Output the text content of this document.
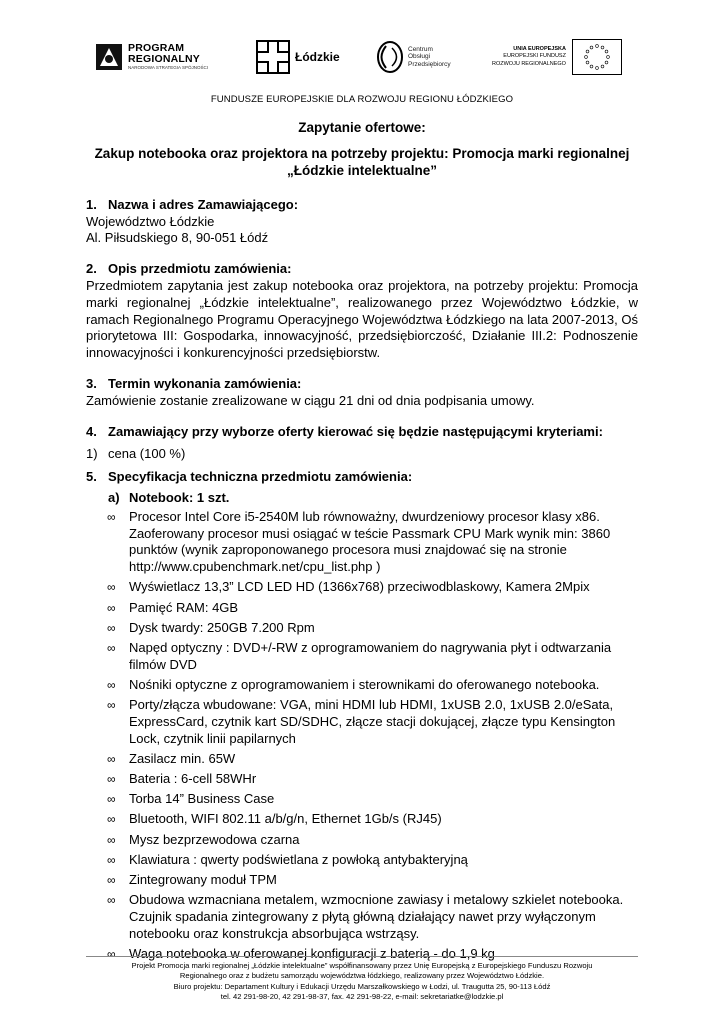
PROGRAM
REGIONALNY
NARODOWA STRATEGIA SPÓJNOŚCI
Łódzkie
Centrum
Obsługi
Przedsiębiorcy
UNIA EUROPEJSKA
EUROPEJSKI FUNDUSZ
ROZWOJU REGIONALNEGO
FUNDUSZE EUROPEJSKIE DLA ROZWOJU REGIONU ŁÓDZKIEGO

Zapytanie ofertowe:

Zakup notebooka oraz projektora na potrzeby projektu: Promocja marki regionalnej
„Łódzkie intelektualne”

1. Nazwa i adres Zamawiającego:
Województwo Łódzkie
Al. Piłsudskiego 8, 90-051 Łódź
2. Opis przedmiotu zamówienia:
Przedmiotem zapytania jest zakup notebooka oraz projektora, na potrzeby projektu: Promocja marki regionalnej „Łódzkie intelektualne”, realizowanego przez Województwo Łódzkie, w ramach Regionalnego Programu Operacyjnego Województwa Łódzkiego na lata 2007-2013, Oś priorytetowa III: Gospodarka, innowacyjność, przedsiębiorczość, Działanie III.2: Podnoszenie innowacyjności i konkurencyjności przedsiębiorstw.
3. Termin wykonania zamówienia:
Zamówienie zostanie zrealizowane w ciągu 21 dni od dnia podpisania umowy.
4. Zamawiający przy wyborze oferty kierować się będzie następującymi kryteriami:
1) cena (100 %)
5. Specyfikacja techniczna przedmiotu zamówienia:
a) Notebook: 1 szt.
∞ Procesor Intel Core i5-2540M lub równoważny, dwurdzeniowy procesor klasy x86. Zaoferowany procesor musi osiągać w teście Passmark CPU Mark wynik min: 3860 punktów (wynik zaproponowanego procesora musi znajdować się na stronie http://www.cpubenchmark.net/cpu_list.php )
∞ Wyświetlacz 13,3” LCD LED HD (1366x768) przeciwodblaskowy, Kamera 2Mpix
∞ Pamięć RAM: 4GB
∞ Dysk twardy: 250GB 7.200 Rpm
∞ Napęd optyczny : DVD+/-RW z oprogramowaniem do nagrywania płyt i odtwarzania filmów DVD
∞ Nośniki optyczne z oprogramowaniem i sterownikami do oferowanego notebooka.
∞ Porty/złącza wbudowane: VGA, mini HDMI lub HDMI, 1xUSB 2.0, 1xUSB 2.0/eSata, ExpressCard, czytnik kart SD/SDHC, złącze stacji dokującej, złącze typu Kensington Lock, czytnik linii papilarnych
∞ Zasilacz min. 65W
∞ Bateria : 6-cell 58WHr
∞ Torba 14” Business Case
∞ Bluetooth, WIFI 802.11 a/b/g/n, Ethernet 1Gb/s (RJ45)
∞ Mysz bezprzewodowa czarna
∞ Klawiatura : qwerty podświetlana z powłoką antybakteryjną
∞ Zintegrowany moduł TPM
∞ Obudowa wzmacniana metalem, wzmocnione zawiasy i metalowy szkielet notebooka. Czujnik spadania zintegrowany z płytą główną działający nawet przy wyłączonym notebooku oraz konstrukcja absorbująca wstrząsy.
∞ Waga notebooka w oferowanej konfiguracji z baterią - do 1,9 kg
Projekt Promocja marki regionalnej „Łódzkie intelektualne” współfinansowany przez Unię Europejską z Europejskiego Funduszu Rozwoju
Regionalnego oraz z budżetu samorządu województwa łódzkiego, realizowany przez Województwo Łódzkie.
Biuro projektu: Departament Kultury i Edukacji Urzędu Marszałkowskiego w Łodzi, ul. Traugutta 25, 90-113 Łódź
tel. 42 291-98-20, 42 291-98-37, fax. 42 291-98-22, e-mail: sekretariatke@lodzkie.pl
